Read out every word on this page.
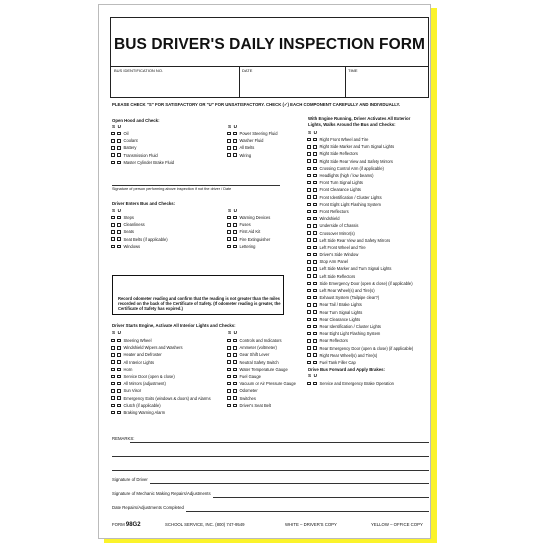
BUS DRIVER'S DAILY INSPECTION FORM
BUS IDENTIFICATION NO.	DATE	TIME
PLEASE CHECK "S" FOR SATISFACTORY OR "U" FOR UNSATISFACTORY. CHECK (✓) EACH COMPONENT CAREFULLY AND INDIVIDUALLY.
Open Hood and Check:
S U	S U
Oil
Coolant
Battery
Transmission Fluid
Master Cylinder Brake Fluid
Power Steering Fluid
Washer Fluid
All Belts
Wiring
Signature of person performing above inspection if not the driver / Date
Driver Enters Bus and Checks:
S U	S U
Steps
Cleanliness
Seats
Seat Belts (if applicable)
Windows
Warning Devices
Fuses
First Aid Kit
Fire Extinguisher
Lettering
Record odometer reading and confirm that the reading is not greater than the miles recorded on the back of the Certificate of Safety. (If odometer reading is greater, the Certificate of Safety has expired.)
Driver Starts Engine, Activate All Interior Lights and Checks:
S U	S U
Steering Wheel
Windshield Wipers and Washers
Heater and Defroster
All Interior Lights
Horn
Service Door (open & close)
All Mirrors (adjustment)
Sun Visor
Emergency Exits (windows & doors) and Alarms
Clutch (if applicable)
Braking Warning Alarm
Controls and Indicators
Ammeter (voltmeter)
Gear Shift Lever
Neutral Safety Switch
Water Temperature Gauge
Fuel Gauge
Vacuum or Air Pressure Gauge
Odometer
Switches
Driver's Seat Belt
With Engine Running, Driver Activates All Exterior
Lights, Walks Around the Bus and Checks:
S U
Right Front Wheel and Tire
Right Side Marker and Turn Signal Lights
Right Side Reflectors
Right Side Rear View and Safety Mirrors
Crossing Control Arm (if applicable)
Headlights (high / low beams)
Front Turn Signal Lights
Front Clearance Lights
Front Identification / Cluster Lights
Front Eight Light Flashing System
Front Reflectors
Windshield
Underside of Chassis
Crossover Mirror(s)
Left Side Rear View and Safety Mirrors
Left Front Wheel and Tire
Driver's Side Window
Stop Arm Panel
Left Side Marker and Turn Signal Lights
Left Side Reflectors
Side Emergency Door (open & close) (if applicable)
Left Rear Wheel(s) and Tire(s)
Exhaust System (Tailpipe clear?)
Rear Tail / Brake Lights
Rear Turn Signal Lights
Rear Clearance Lights
Rear Identification / Cluster Lights
Rear Eight Light Flashing System
Rear Reflectors
Rear Emergency Door (open & close) (if applicable)
Right Rear Wheel(s) and Tire(s)
Fuel Tank Filler Cap
Drive Bus Forward and Apply Brakes:
S U
Service and Emergency Brake Operation
REMARKS:
Signature of Driver
Signature of Mechanic Making Repairs/Adjustments
Date Repairs/Adjustments Completed
FORM 98G2	SCHOOL SERVICE, INC. (800) 747-9549	WHITE – DRIVER'S COPY	YELLOW – OFFICE COPY
